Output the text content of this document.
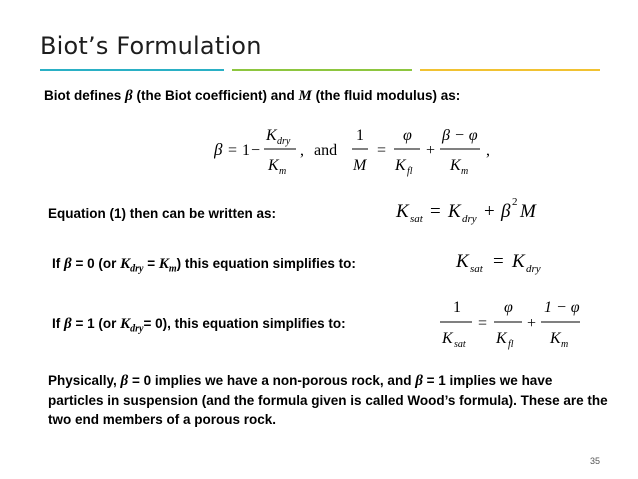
Biot’s Formulation
Biot defines β (the Biot coefficient) and M (the fluid modulus) as:
β = 1 −
K dry
K m
, and
1
M
=
φ
K fl
+
β − φ
K m
,
Equation (1) then can be written as:	K sat = K dry + β 2 M
If β = 0 (or $K_{dry} = K_m$) this equation simplifies to:	K sat = K dry
If β = 1 (or $K_{dry}= 0$), this equation simplifies to:
1
K sat
=
φ
K fl
+
1 − φ
K m
Physically, β = 0 implies we have a non-porous rock, and β = 1 implies we have particles in suspension (and the formula given is called Wood’s formula). These are the two end members of a porous rock.
35
